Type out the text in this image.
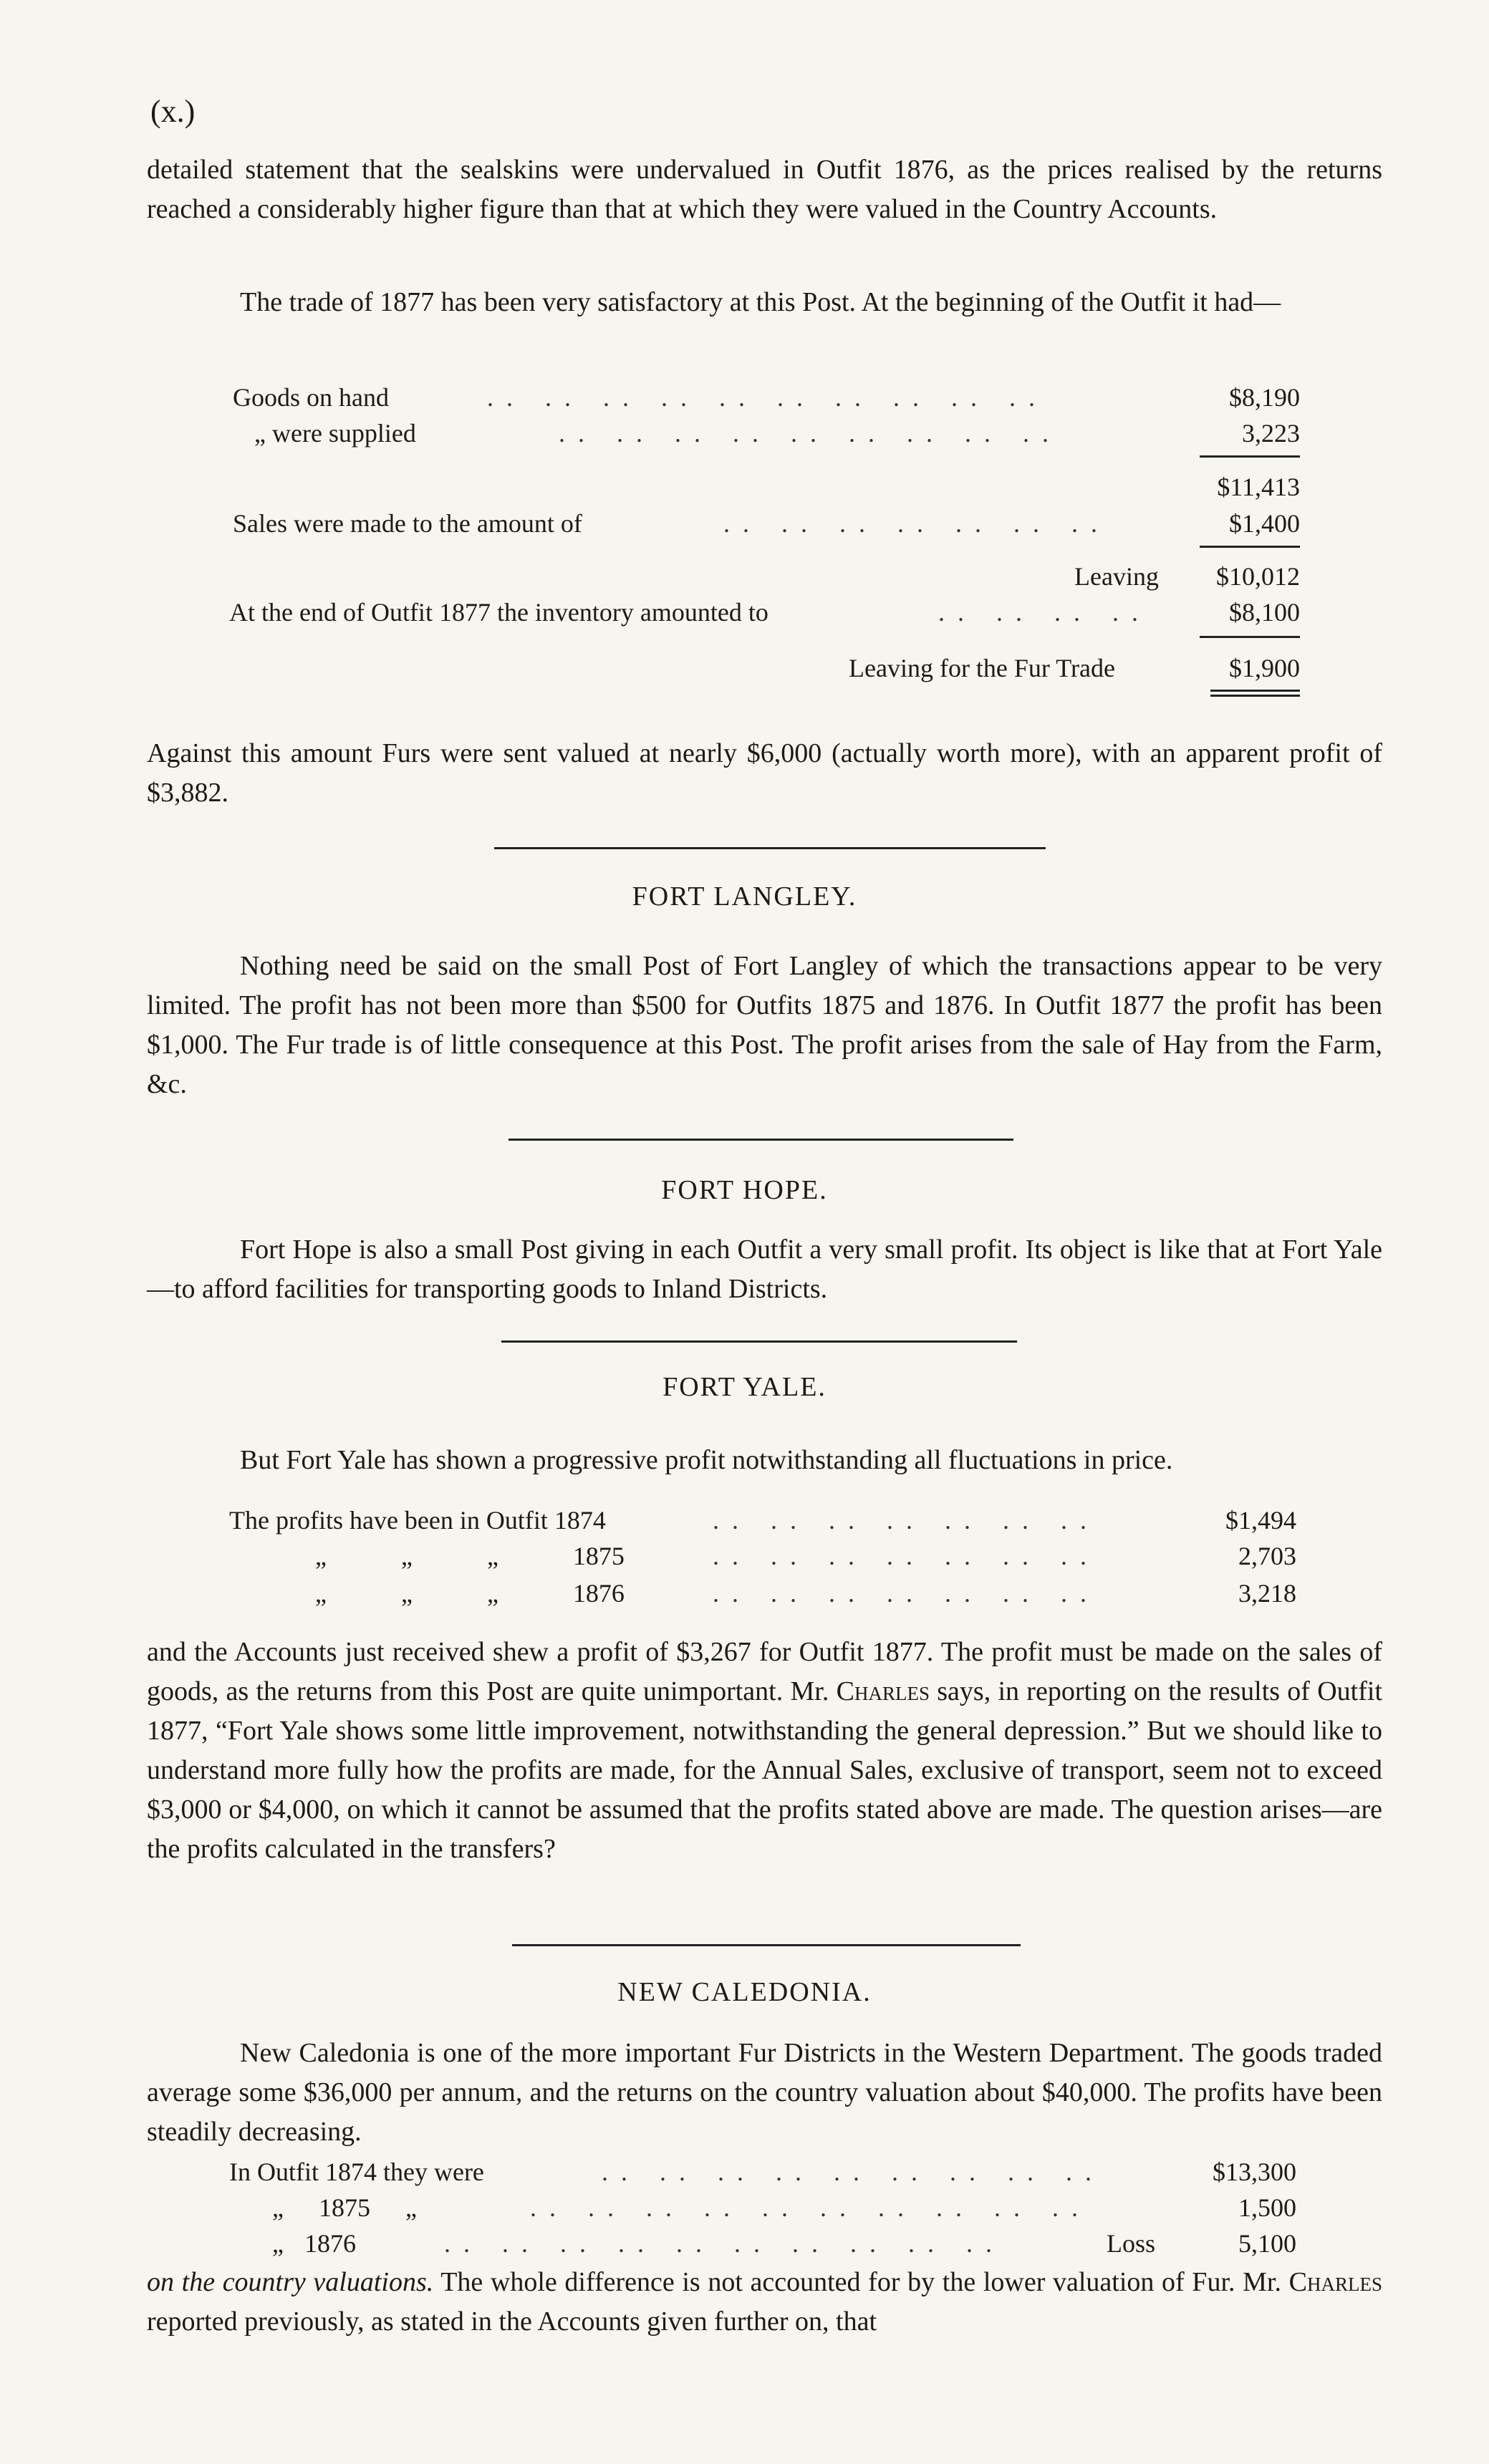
(x.)

detailed statement that the sealskins were undervalued in Outfit 1876, as the prices realised by the returns reached a considerably higher figure than that at which they were valued in the Country Accounts.

The trade of 1877 has been very satisfactory at this Post. At the beginning of the Outfit it had—

Goods on hand	.. .. .. .. .. .. .. .. .. ..	$8,190
„ were supplied	.. .. .. .. .. .. .. .. ..	3,223
$11,413
Sales were made to the amount of	.. .. .. .. .. .. ..	$1,400
Leaving	$10,012
At the end of Outfit 1877 the inventory amounted to	.. .. .. ..	$8,100
Leaving for the Fur Trade	$1,900

Against this amount Furs were sent valued at nearly $6,000 (actually worth more), with an apparent profit of $3,882.

FORT LANGLEY.

Nothing need be said on the small Post of Fort Langley of which the transactions appear to be very limited. The profit has not been more than $500 for Outfits 1875 and 1876. In Outfit 1877 the profit has been $1,000. The Fur trade is of little consequence at this Post. The profit arises from the sale of Hay from the Farm, &c.

FORT HOPE.

Fort Hope is also a small Post giving in each Outfit a very small profit. Its object is like that at Fort Yale—to afford facilities for transporting goods to Inland Districts.

FORT YALE.

But Fort Yale has shown a progressive profit notwithstanding all fluctuations in price.

The profits have been in Outfit 1874	.. .. .. .. .. .. ..	$1,494
„ „ „ 1875	.. .. .. .. .. .. ..	2,703
„ „ „ 1876	.. .. .. .. .. .. ..	3,218

and the Accounts just received shew a profit of $3,267 for Outfit 1877. The profit must be made on the sales of goods, as the returns from this Post are quite unimportant. Mr. Charles says, in reporting on the results of Outfit 1877, “Fort Yale shows some little improvement, notwithstanding the general depression.” But we should like to understand more fully how the profits are made, for the Annual Sales, exclusive of transport, seem not to exceed $3,000 or $4,000, on which it cannot be assumed that the profits stated above are made. The question arises—are the profits calculated in the transfers?

NEW CALEDONIA.

New Caledonia is one of the more important Fur Districts in the Western Department. The goods traded average some $36,000 per annum, and the returns on the country valuation about $40,000. The profits have been steadily decreasing.

In Outfit 1874 they were	.. .. .. .. .. .. .. .. ..	$13,300
„ 1875 „	.. .. .. .. .. .. .. .. .. ..	1,500
„ 1876	.. .. .. .. .. .. .. .. .. ..	Loss	5,100

on the country valuations. The whole difference is not accounted for by the lower valuation of Fur. Mr. Charles reported previously, as stated in the Accounts given further on, that
